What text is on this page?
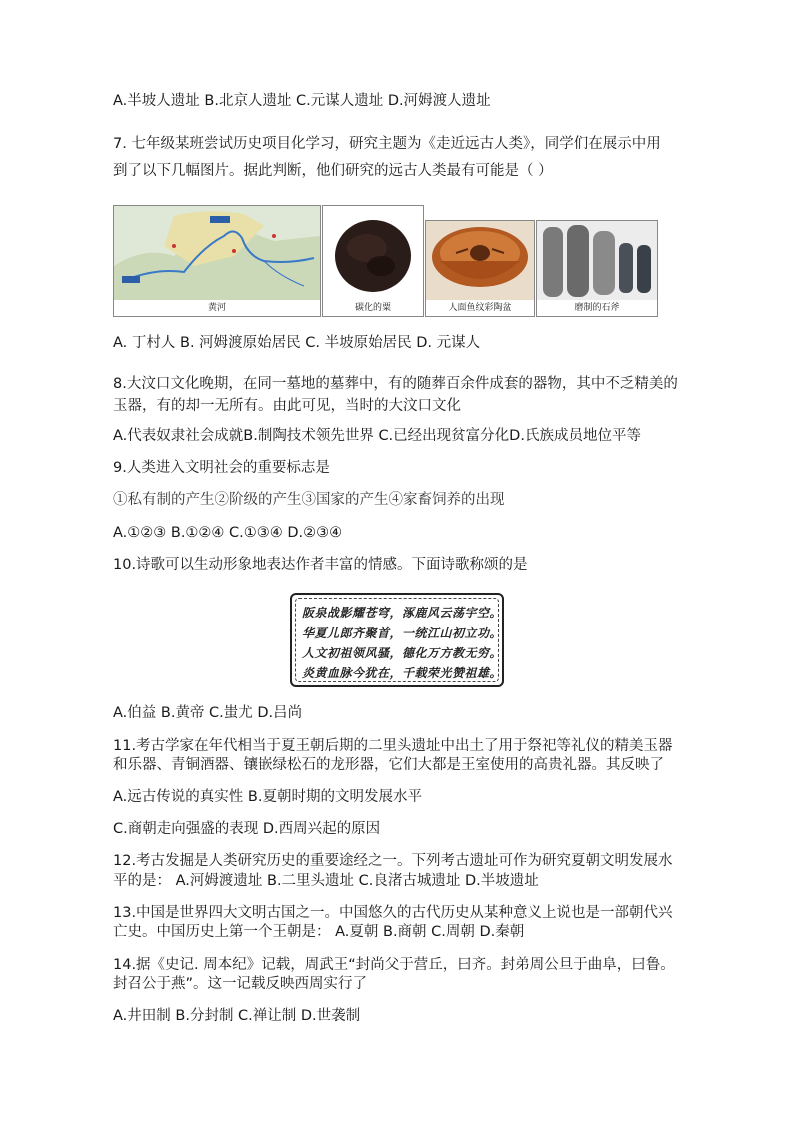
A.半坡人遗址 B.北京人遗址 C.元谋人遗址 D.河姆渡人遗址
7. 七年级某班尝试历史项目化学习，研究主题为《走近远古人类》，同学们在展示中用
到了以下几幅图片。据此判断，他们研究的远古人类最有可能是（ ）
黄河	碳化的粟	人面鱼纹彩陶盆	磨制的石斧
A. 丁村人 B. 河姆渡原始居民 C. 半坡原始居民 D. 元谋人
8.大汶口文化晚期，在同一墓地的墓葬中，有的随葬百余件成套的器物，其中不乏精美的
玉器，有的却一无所有。由此可见，当时的大汶口文化
A.代表奴隶社会成就B.制陶技术领先世界 C.已经出现贫富分化D.氏族成员地位平等
9.人类进入文明社会的重要标志是
①私有制的产生②阶级的产生③国家的产生④家畜饲养的出现
A.①②③ B.①②④ C.①③④ D.②③④
10.诗歌可以生动形象地表达作者丰富的情感。下面诗歌称颂的是
阪泉战影耀苍穹，涿鹿风云荡宇空。
华夏儿郎齐聚首，一统江山初立功。
人文初祖领风骚，德化万方教无穷。
炎黄血脉今犹在，千载荣光赞祖雄。
A.伯益 B.黄帝 C.蚩尤 D.吕尚
11.考古学家在年代相当于夏王朝后期的二里头遗址中出土了用于祭祀等礼仪的精美玉器
和乐器、青铜酒器、镶嵌绿松石的龙形器，它们大都是王室使用的高贵礼器。其反映了
A.远古传说的真实性 B.夏朝时期的文明发展水平
C.商朝走向强盛的表现 D.西周兴起的原因
12.考古发掘是人类研究历史的重要途经之一。下列考古遗址可作为研究夏朝文明发展水
平的是： A.河姆渡遗址 B.二里头遗址 C.良渚古城遗址 D.半坡遗址
13.中国是世界四大文明古国之一。中国悠久的古代历史从某种意义上说也是一部朝代兴
亡史。中国历史上第一个王朝是： A.夏朝 B.商朝 C.周朝 D.秦朝
14.据《史记. 周本纪》记载，周武王“封尚父于营丘，曰齐。封弟周公旦于曲阜，曰鲁。
封召公于燕”。这一记载反映西周实行了
A.井田制 B.分封制 C.禅让制 D.世袭制
